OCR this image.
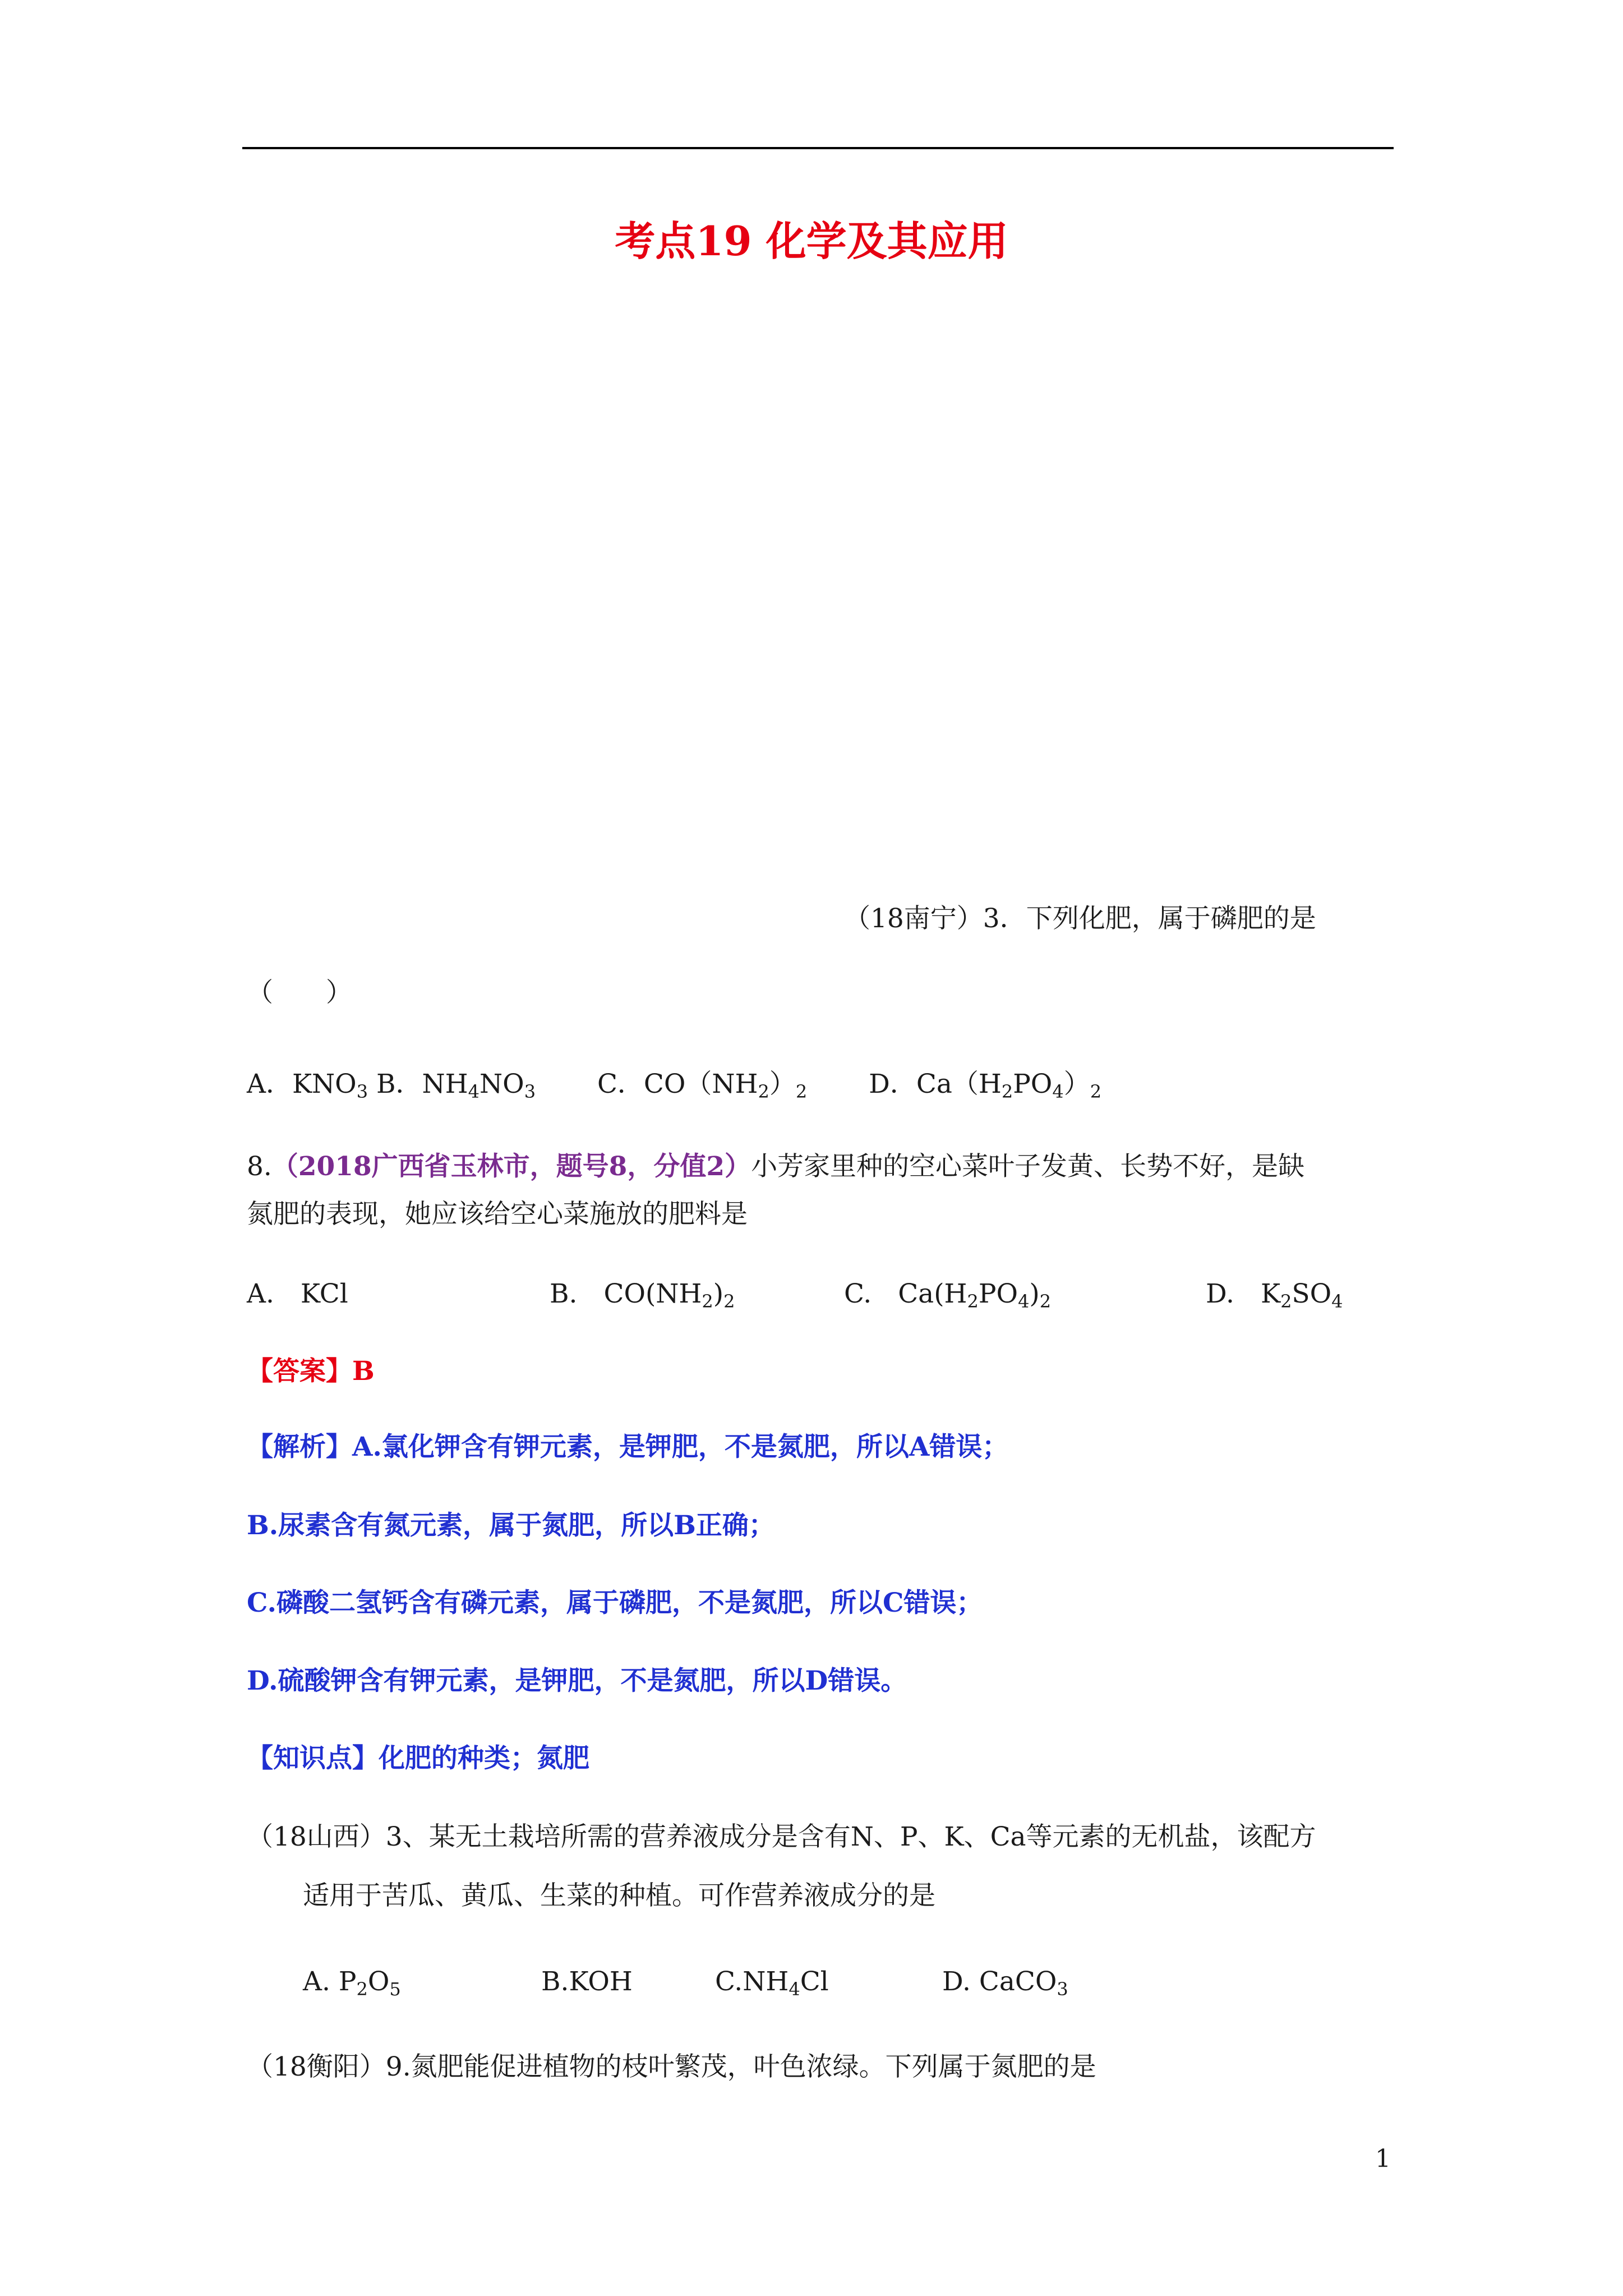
考点19 化学及其应用
（18南宁）3．下列化肥，属于磷肥的是
（　　）
A．$KNO_3$ B．$NH_4NO_3$ C．$CO(NH_2)_2$ D．$Ca(H_2PO_4)_2$
8.（2018广西省玉林市，题号8，分值2）小芳家里种的空心菜叶子发黄、长势不好，是缺
氮肥的表现，她应该给空心菜施放的肥料是
A.　KCl	B.　$CO(NH_2)_2$	C.　$Ca(H_2PO_4)_2$	D.　$K_2SO_4$
【答案】B
【解析】A.氯化钾含有钾元素，是钾肥，不是氮肥，所以A错误；
B.尿素含有氮元素，属于氮肥，所以B正确；
C.磷酸二氢钙含有磷元素，属于磷肥，不是氮肥，所以C错误；
D.硫酸钾含有钾元素，是钾肥，不是氮肥，所以D错误。
【知识点】化肥的种类；氮肥
（18山西）3、某无土栽培所需的营养液成分是含有N、P、K、Ca等元素的无机盐，该配方
适用于苦瓜、黄瓜、生菜的种植。可作营养液成分的是
A. $P_2O_5$	B.KOH	$C.NH_4Cl$	D. CaCO$_3$
（18衡阳）9.氮肥能促进植物的枝叶繁茂，叶色浓绿。下列属于氮肥的是
1
